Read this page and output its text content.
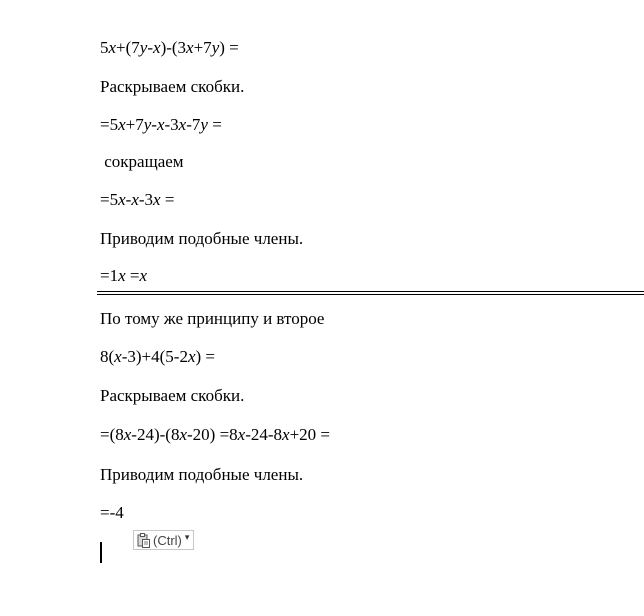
5x+(7y-x)-(3x+7y) =
Раскрываем скобки.
=5x+7y-x-3x-7y =
сокращаем
=5x-x-3x =
Приводим подобные члены.
=1x =x
По тому же принципу и второе
8(x-3)+4(5-2x) =
Раскрываем скобки.
=(8x-24)-(8x-20) =8x-24-8x+20 =
Приводим подобные члены.
=-4
(Ctrl) ▾
